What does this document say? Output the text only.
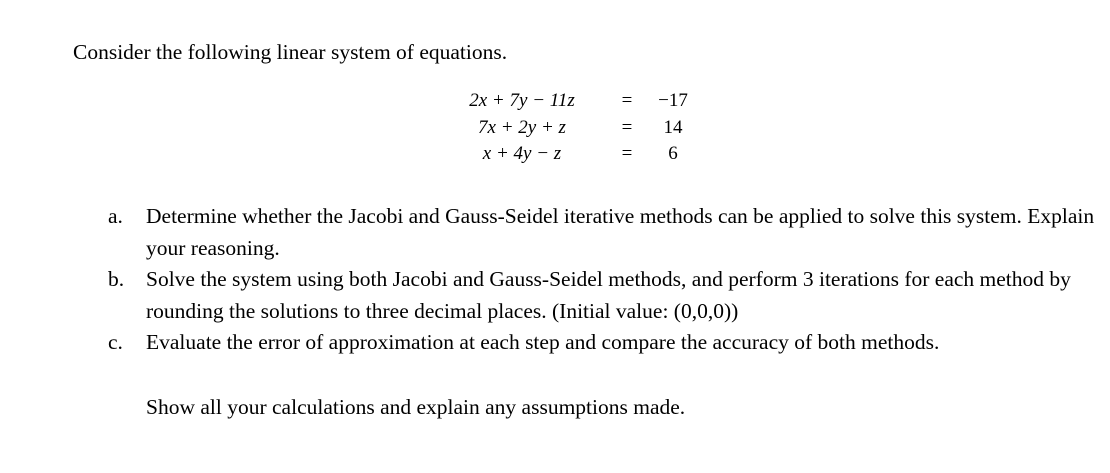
Consider the following linear system of equations.
2x + 7y − 11z	=	−17
7x + 2y + z	=	14
x + 4y − z	=	6
a.	Determine whether the Jacobi and Gauss-Seidel iterative methods can be applied to solve this system. Explain your reasoning.
b.	Solve the system using both Jacobi and Gauss-Seidel methods, and perform 3 iterations for each method by rounding the solutions to three decimal places. (Initial value: (0,0,0))
c.	Evaluate the error of approximation at each step and compare the accuracy of both methods.
Show all your calculations and explain any assumptions made.
